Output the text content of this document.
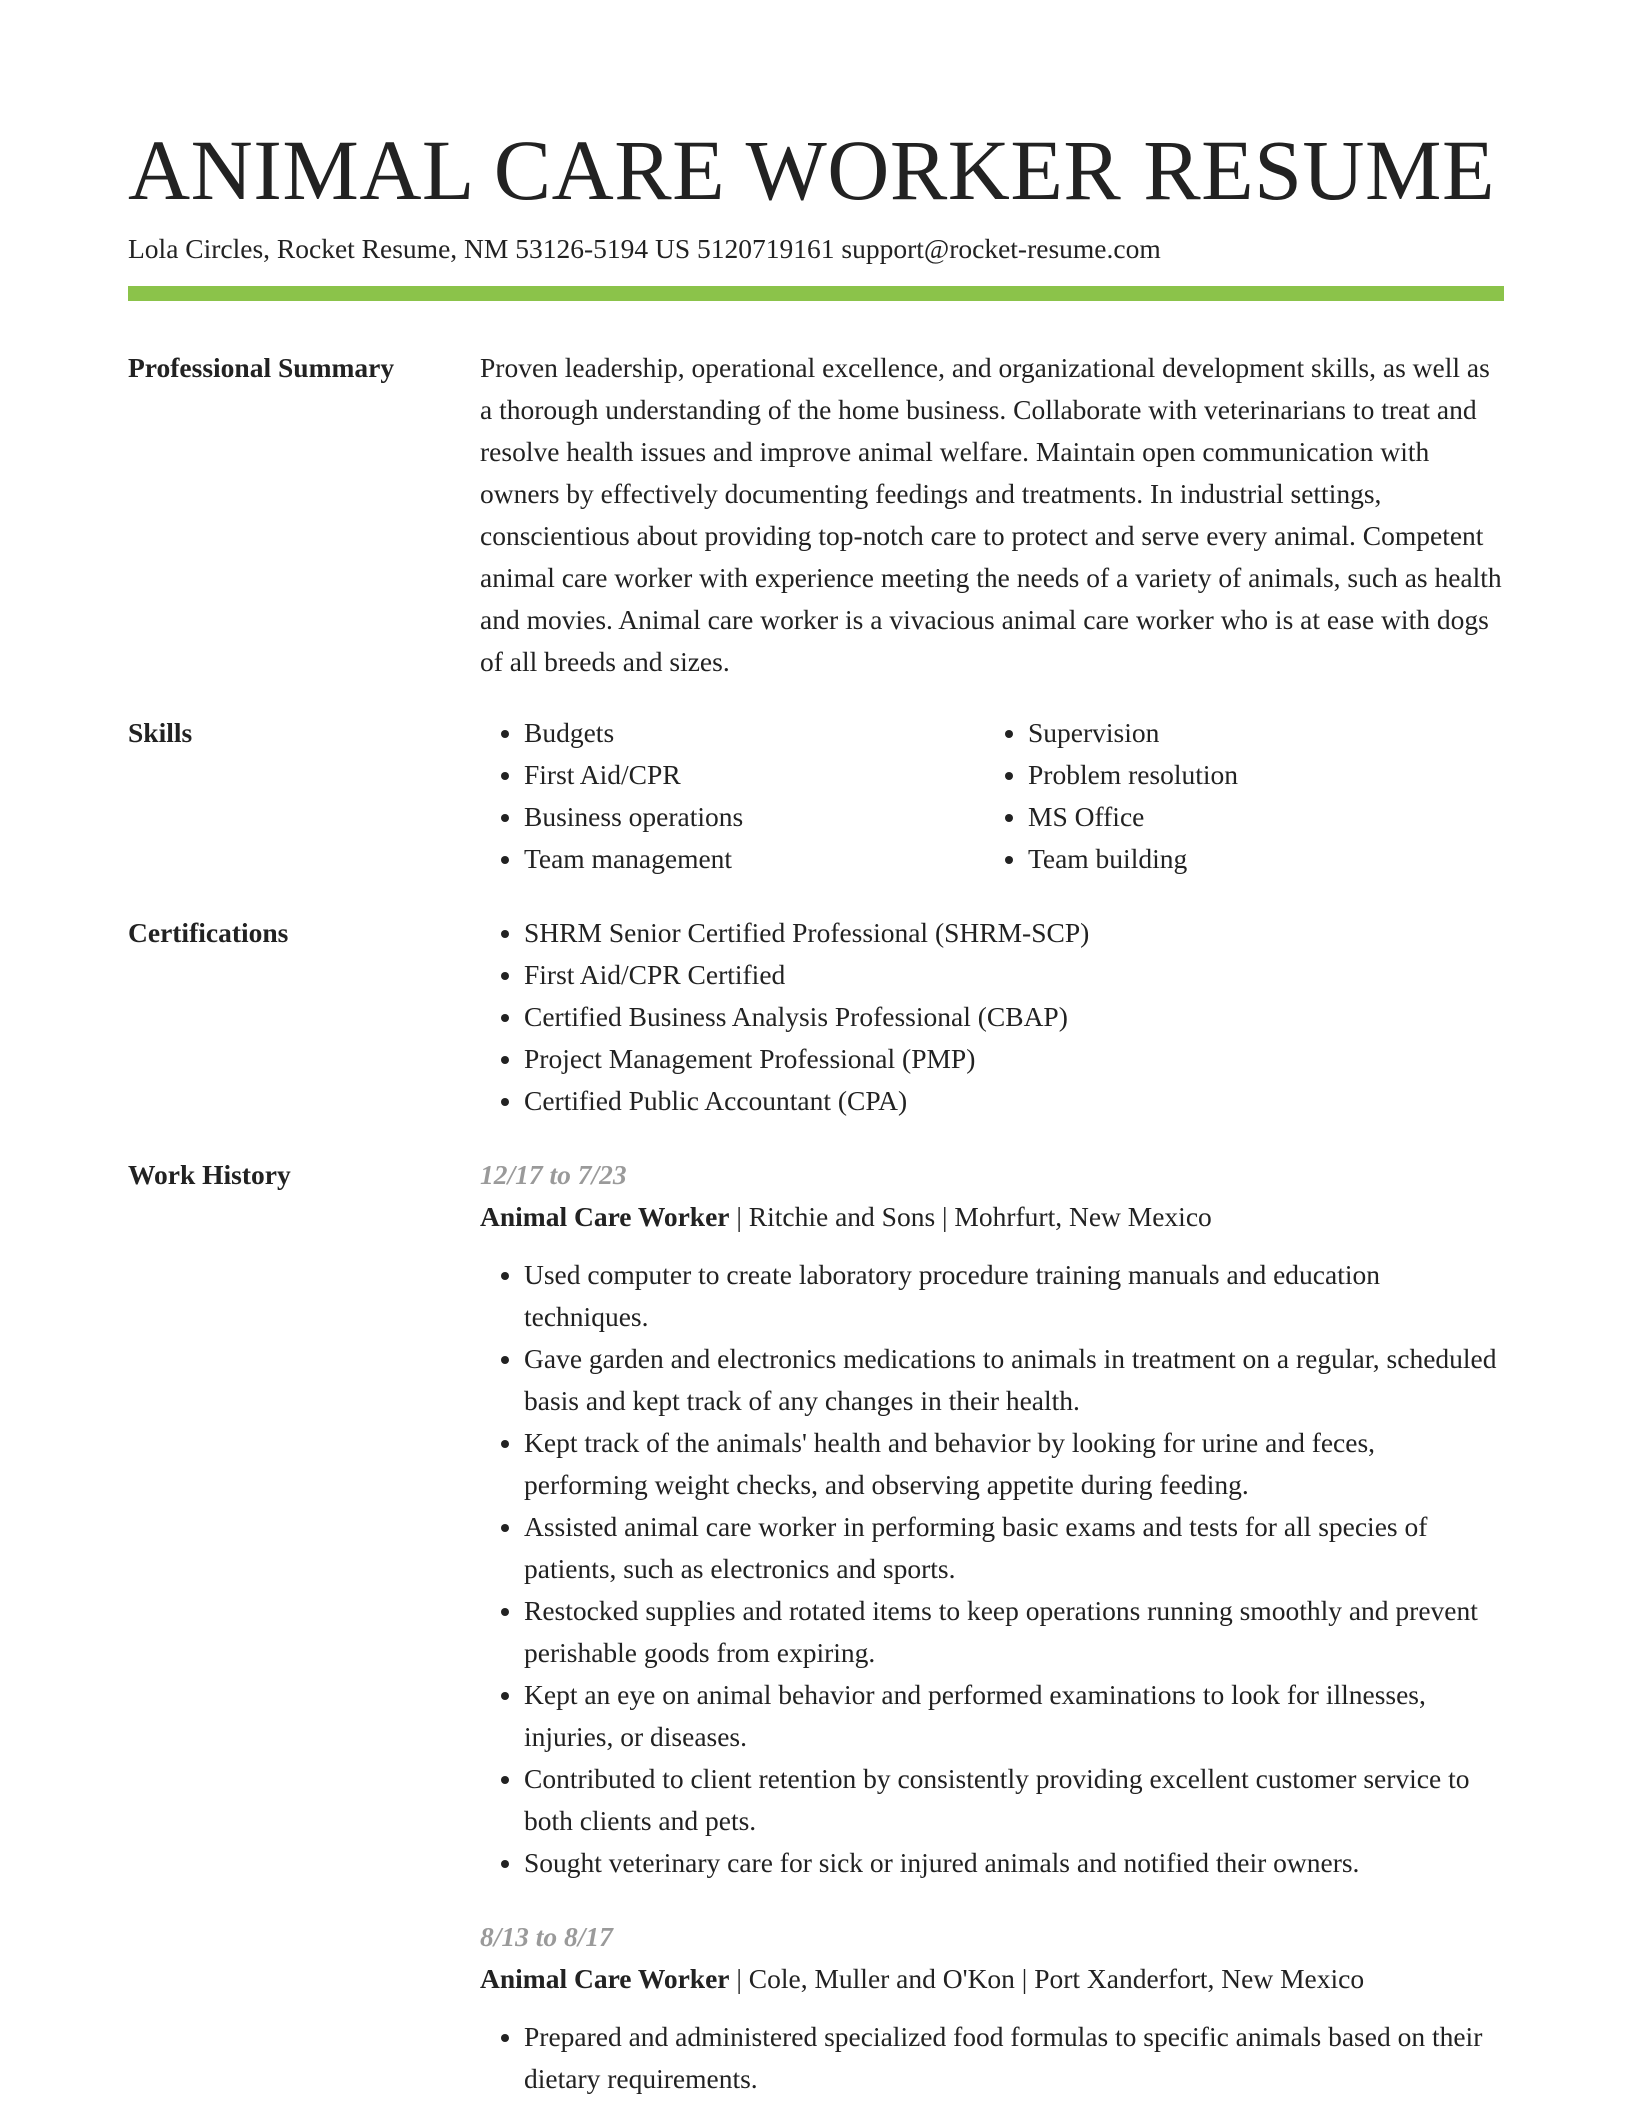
ANIMAL CARE WORKER RESUME
Lola Circles, Rocket Resume, NM 53126-5194 US 5120719161 support@rocket-resume.com
Professional Summary	Proven leadership, operational excellence, and organizational development skills, as well as a thorough understanding of the home business. Collaborate with veterinarians to treat and resolve health issues and improve animal welfare. Maintain open communication with owners by effectively documenting feedings and treatments. In industrial settings, conscientious about providing top-notch care to protect and serve every animal. Competent animal care worker with experience meeting the needs of a variety of animals, such as health and movies. Animal care worker is a vivacious animal care worker who is at ease with dogs of all breeds and sizes.

Skills	• Budgets
• First Aid/CPR
• Business operations
• Team management
• Supervision
• Problem resolution
• MS Office
• Team building
Certifications	• SHRM Senior Certified Professional (SHRM-SCP)
• First Aid/CPR Certified
• Certified Business Analysis Professional (CBAP)
• Project Management Professional (PMP)
• Certified Public Accountant (CPA)
Work History	12/17 to 7/23
Animal Care Worker | Ritchie and Sons | Mohrfurt, New Mexico
• Used computer to create laboratory procedure training manuals and education techniques.
• Gave garden and electronics medications to animals in treatment on a regular, scheduled basis and kept track of any changes in their health.
• Kept track of the animals' health and behavior by looking for urine and feces, performing weight checks, and observing appetite during feeding.
• Assisted animal care worker in performing basic exams and tests for all species of patients, such as electronics and sports.
• Restocked supplies and rotated items to keep operations running smoothly and prevent perishable goods from expiring.
• Kept an eye on animal behavior and performed examinations to look for illnesses, injuries, or diseases.
• Contributed to client retention by consistently providing excellent customer service to both clients and pets.
• Sought veterinary care for sick or injured animals and notified their owners.
8/13 to 8/17
Animal Care Worker | Cole, Muller and O'Kon | Port Xanderfort, New Mexico
• Prepared and administered specialized food formulas to specific animals based on their dietary requirements.
